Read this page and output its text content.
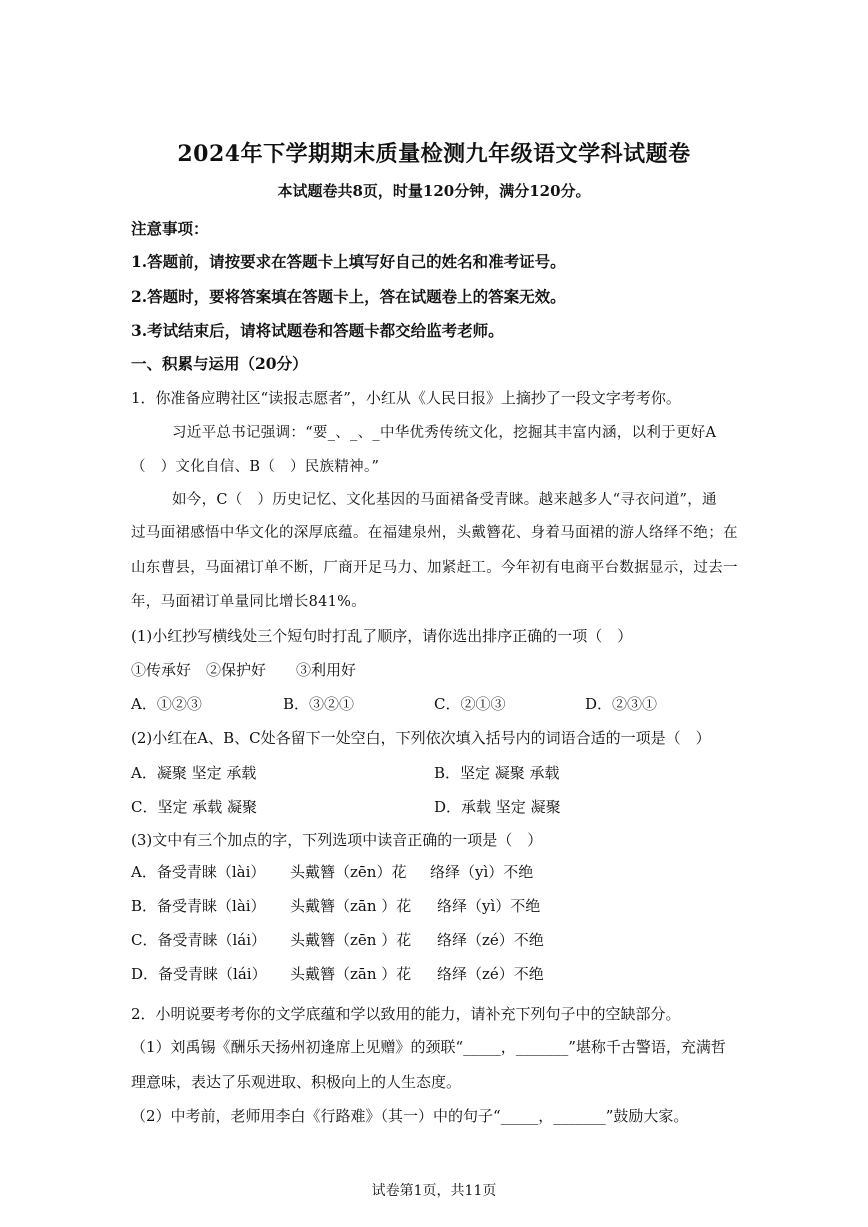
2024年下学期期末质量检测九年级语文学科试题卷
本试题卷共8页，时量120分钟，满分120分。
注意事项：
1.答题前，请按要求在答题卡上填写好自己的姓名和准考证号。
2.答题时，要将答案填在答题卡上，答在试题卷上的答案无效。
3.考试结束后，请将试题卷和答题卡都交给监考老师。
一、积累与运用（20分）
1．你准备应聘社区“读报志愿者”，小红从《人民日报》上摘抄了一段文字考考你。
习近平总书记强调：“要_、_、_中华优秀传统文化，挖掘其丰富内涵，以利于更好A
（　）文化自信、B（　）民族精神。”
如今，C（　）历史记忆、文化基因的马面裙备受青睐。越来越多人“寻衣问道”，通
过马面裙感悟中华文化的深厚底蕴。在福建泉州，头戴簪花、身着马面裙的游人络绎不绝；在
山东曹县，马面裙订单不断，厂商开足马力、加紧赶工。今年初有电商平台数据显示，过去一
年，马面裙订单量同比增长841%。
(1)小红抄写横线处三个短句时打乱了顺序，请你选出排序正确的一项（　）
①传承好　②保护好　　③利用好
A．①②③	B．③②①	C．②①③	D．②③①
(2)小红在A、B、C处各留下一处空白，下列依次填入括号内的词语合适的一项是（　）
A．凝聚 坚定 承载	B．坚定 凝聚 承载
C．坚定 承载 凝聚	D．承载 坚定 凝聚
(3)文中有三个加点的字，下列选项中读音正确的一项是（　）
A．备受青睐（lài） 头戴簪（zēn）花 络绎（yì）不绝
B．备受青睐（lài） 头戴簪（zān ）花 络绎（yì）不绝
C．备受青睐（lái） 头戴簪（zēn ）花 络绎（zé）不绝
D．备受青睐（lái） 头戴簪（zān ）花 络绎（zé）不绝
2．小明说要考考你的文学底蕴和学以致用的能力，请补充下列句子中的空缺部分。
（1）刘禹锡《酬乐天扬州初逢席上见赠》的颈联“_____，_______”堪称千古警语，充满哲
理意味，表达了乐观进取、积极向上的人生态度。
（2）中考前，老师用李白《行路难》（其一）中的句子“_____，_______”鼓励大家。
试卷第1页，共11页
